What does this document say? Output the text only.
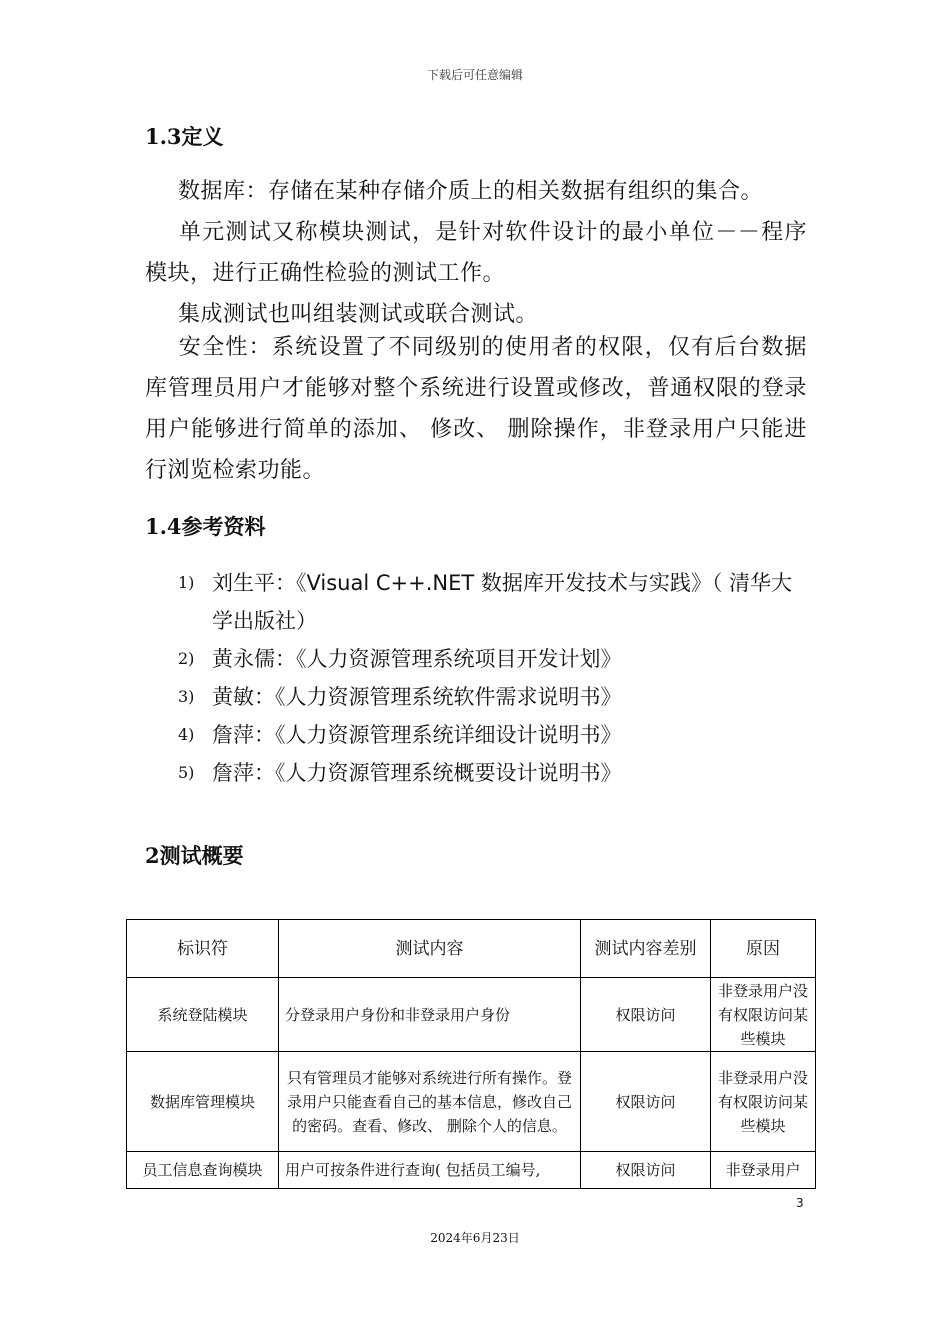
下载后可任意编辑
1.3定义
数据库：存储在某种存储介质上的相关数据有组织的集合。
单元测试又称模块测试，是针对软件设计的最小单位－－程序模块，进行正确性检验的测试工作。
集成测试也叫组装测试或联合测试。
安全性：系统设置了不同级别的使用者的权限，仅有后台数据库管理员用户才能够对整个系统进行设置或修改，普通权限的登录用户能够进行简单的添加、 修改、 删除操作，非登录用户只能进行浏览检索功能。
1.4参考资料
1) 刘生平：《Visual C++.NET 数据库开发技术与实践》（ 清华大学出版社）
2) 黄永儒：《人力资源管理系统项目开发计划》
3) 黄敏：《人力资源管理系统软件需求说明书》
4) 詹萍：《人力资源管理系统详细设计说明书》
5) 詹萍：《人力资源管理系统概要设计说明书》
2测试概要
标识符	测试内容	测试内容差别	原因
系统登陆模块	分登录用户身份和非登录用户身份	权限访问	非登录用户没有权限访问某些模块
数据库管理模块	只有管理员才能够对系统进行所有操作。登录用户只能查看自己的基本信息，修改自己的密码。查看、修改、 删除个人的信息。	权限访问	非登录用户没有权限访问某些模块
员工信息查询模块	用户可按条件进行查询( 包括员工编号,	权限访问	非登录用户
3
2024年6月23日
